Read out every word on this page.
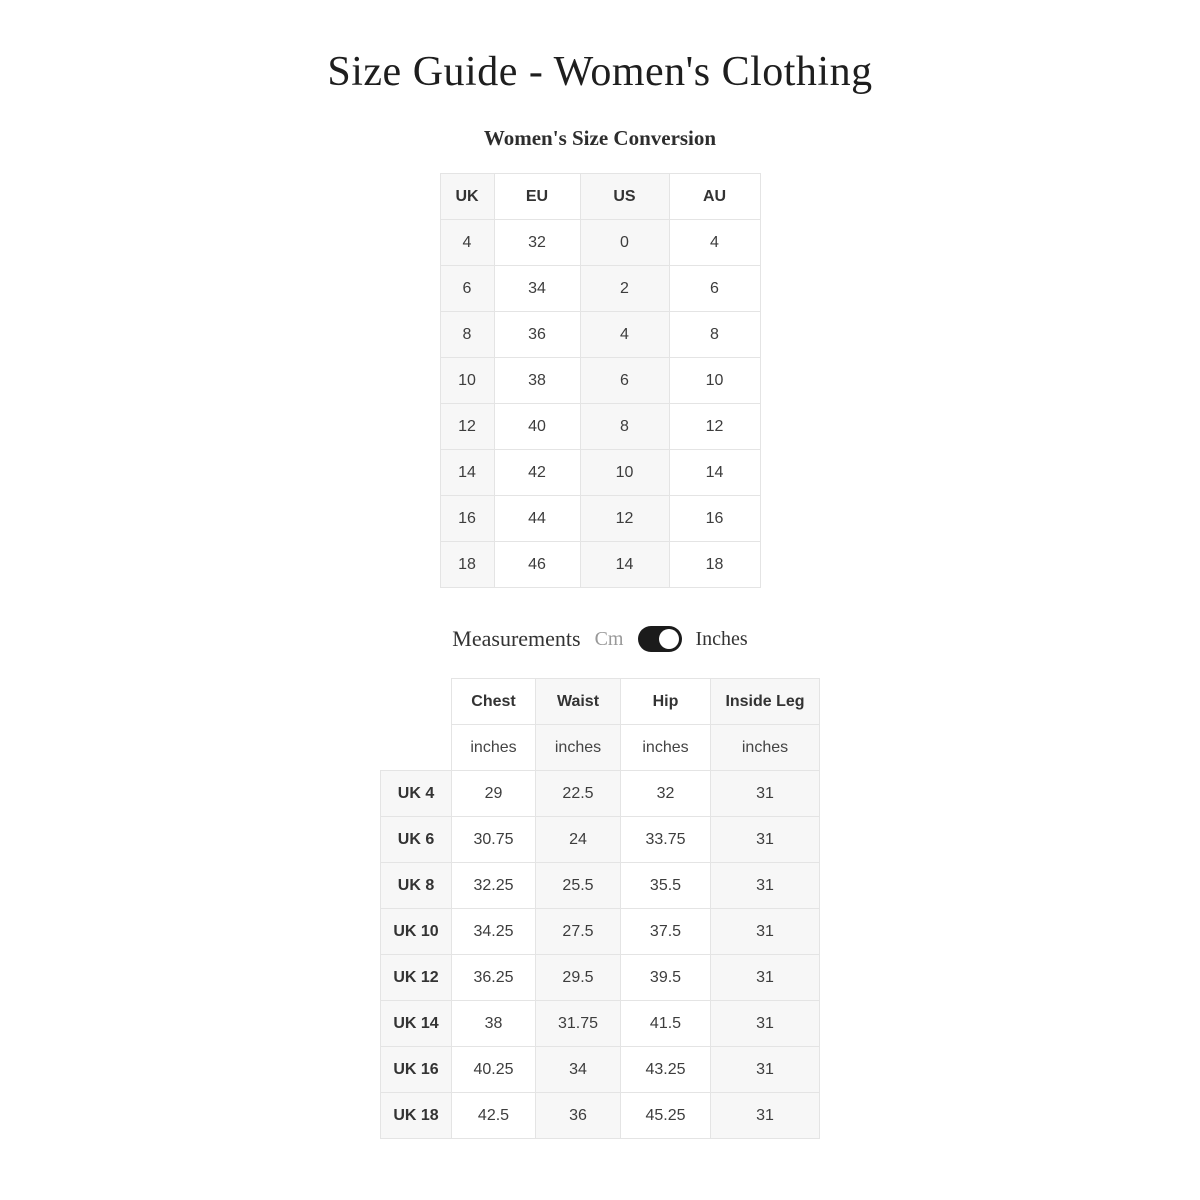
Size Guide - Women's Clothing
Women's Size Conversion
UK	EU	US	AU
4	32	0	4
6	34	2	6
8	36	4	8
10	38	6	10
12	40	8	12
14	42	10	14
16	44	12	16
18	46	14	18
Measurements Cm	Inches
	Chest	Waist	Hip	Inside Leg
	inches	inches	inches	inches
UK 4	29	22.5	32	31
UK 6	30.75	24	33.75	31
UK 8	32.25	25.5	35.5	31
UK 10	34.25	27.5	37.5	31
UK 12	36.25	29.5	39.5	31
UK 14	38	31.75	41.5	31
UK 16	40.25	34	43.25	31
UK 18	42.5	36	45.25	31
